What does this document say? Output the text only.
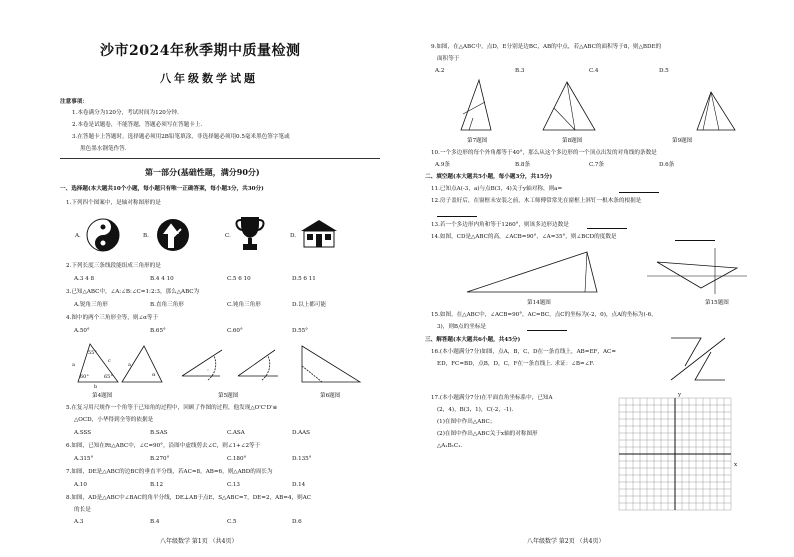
沙市2024年秋季期中质量检测
八年级数学试题
注意事项：
1.本卷满分为120分，考试时间为120分钟.
2.本卷是试题卷，不能答题，答题必须写在答题卡上.
3.在答题卡上答题时，选择题必须用2B铅笔填涂，非选择题必须用0.5毫米黑色签字笔或
黑色墨水钢笔作答.
第一部分(基础性题，满分90分)
一、选择题(本大题共10个小题，每小题只有唯一正确答案，每小题3分，共30分)
1.下列四个图案中，是轴对称图形的是
A.	B.	C.	D.
2.下列长度三条线段能组成三角形的是
A.3 4 8	B.4 4 10	C.5 6 10	D.5 6 11
3.已知△ABC中，∠A:∠B:∠C=1:2:3，那么△ABC为
A.锐角三角形	B.直角三角形	C.钝角三角形	D.以上都可能
4.图中的两个三角形全等，则∠α等于
A.50°	B.65°	C.60°	D.55°
55°
60°	65°
a
b
c
a
α
第4题图	第5题图	第6题图
5.在复习用尺规作一个角等于已知角的过程中，回顾了作图的过程，他发现△O'C'D'≌
△OCD，小华得到全等的依据是
A.SSS	B.SAS	C.ASA	D.AAS
6.如图，已知在Rt△ABC中，∠C=90°，沿图中虚线剪去∠C，则∠1+∠2等于
A.315°	B.270°	C.180°	D.135°
7.如图，DE是△ABC的边BC的垂直平分线，若AC=8，AB=6，则△ABD的周长为
A.10	B.12	C.13	D.14
8.如图，AD是△ABC中∠BAC的角平分线，DE⊥AB于点E，S△ABC=7，DE=2，AB=4，则AC
的长是
A.3	B.4	C.5	D.6
八年级数学 第1页 （共4页）
9.如图，在△ABC中，点D，E分别是边BC，AB的中点，若△ABC的面积等于8，则△BDE的
面积等于
A.2	B.3	C.4	D.5
第7题图	第8题图	第9题图
10.一个多边形的每个外角都等于40°，那么从这个多边形的一个顶点出发的对角线的条数是
A.9条	B.8条	C.7条	D.6条
二、填空题(本大题共5小题，每小题3分，共15分)
11.已知点A(-3，a)与点B(3，4)关于y轴对称，则a=
12.房子盖好后，在窗框未安装之前，木工师傅常常先在窗框上斜钉一根木条的根据是
13.若一个多边形内角和等于1260°，则该多边形边数是
14.如图，CD是△ABC的高，∠ACB=90°，∠A=35°，则∠BCD的度数是
第14题图	第15题图
15.如图，在△ABC中，∠ACB=90°，AC=BC，点C的坐标为(-2，0)，点A的坐标为(-6，
3)，则B点的坐标是
三、解答题(本大题共6小题，共45分)
16.(本小题满分7分)如图，点A，B，C，D在一条直线上，AB=EF，AC=
ED，FC=BD，点B，D，C，F在一条直线上. 求证：∠B=∠F.
17.(本小题满分7分)在平面直角坐标系中，已知A
(2，4)，B(3，1)，C(-2，-1).
(1)在图中作出△ABC；
(2)在图中作出△ABC关于x轴的对称图形
△A₁B₁C₁.
x
y
八年级数学 第2页 （共4页）
